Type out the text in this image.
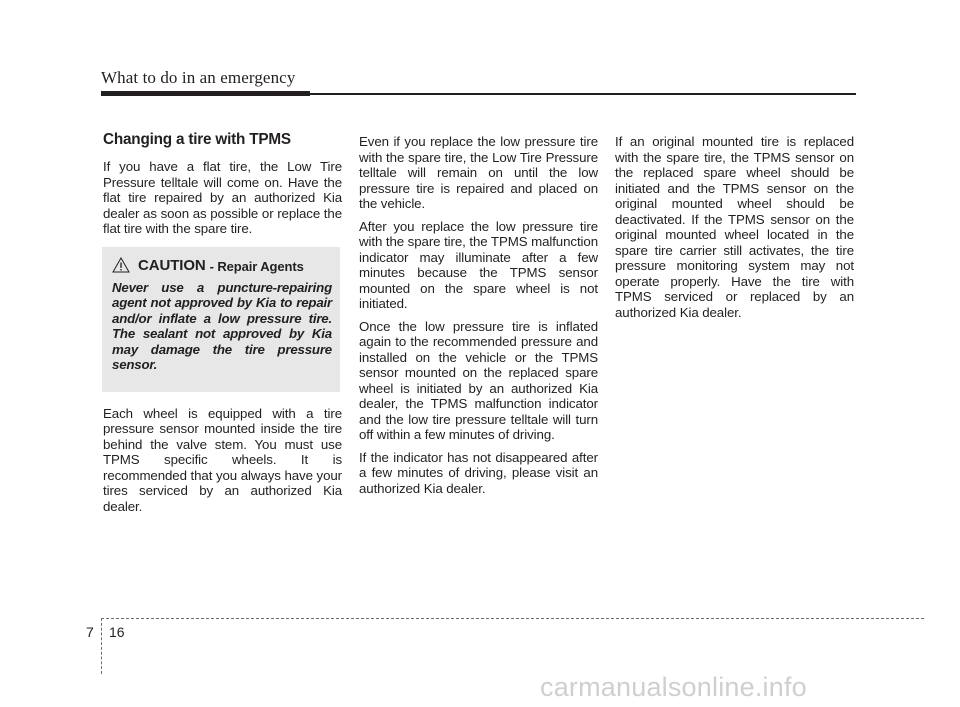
What to do in an emergency
Changing a tire with TPMS

If you have a flat tire, the Low Tire Pressure telltale will come on. Have the flat tire repaired by an authorized Kia dealer as soon as possible or replace the flat tire with the spare tire.

CAUTION - Repair Agents

Never use a puncture-repairing agent not approved by Kia to repair and/or inflate a low pressure tire. The sealant not approved by Kia may damage the tire pressure sensor.

Each wheel is equipped with a tire pressure sensor mounted inside the tire behind the valve stem. You must use TPMS specific wheels. It is recommended that you always have your tires serviced by an authorized Kia dealer.

Even if you replace the low pressure tire with the spare tire, the Low Tire Pressure telltale will remain on until the low pressure tire is repaired and placed on the vehicle.

After you replace the low pressure tire with the spare tire, the TPMS malfunction indicator may illuminate after a few minutes because the TPMS sensor mounted on the spare wheel is not initiated.

Once the low pressure tire is inflated again to the recommended pressure and installed on the vehicle or the TPMS sensor mounted on the replaced spare wheel is initiated by an authorized Kia dealer, the TPMS malfunction indicator and the low tire pressure telltale will turn off within a few minutes of driving.

If the indicator has not disappeared after a few minutes of driving, please visit an authorized Kia dealer.

If an original mounted tire is replaced with the spare tire, the TPMS sensor on the replaced spare wheel should be initiated and the TPMS sensor on the original mounted wheel should be deactivated. If the TPMS sensor on the original mounted wheel located in the spare tire carrier still activates, the tire pressure monitoring system may not operate properly. Have the tire with TPMS serviced or replaced by an authorized Kia dealer.

7 16
carmanualsonline.info
